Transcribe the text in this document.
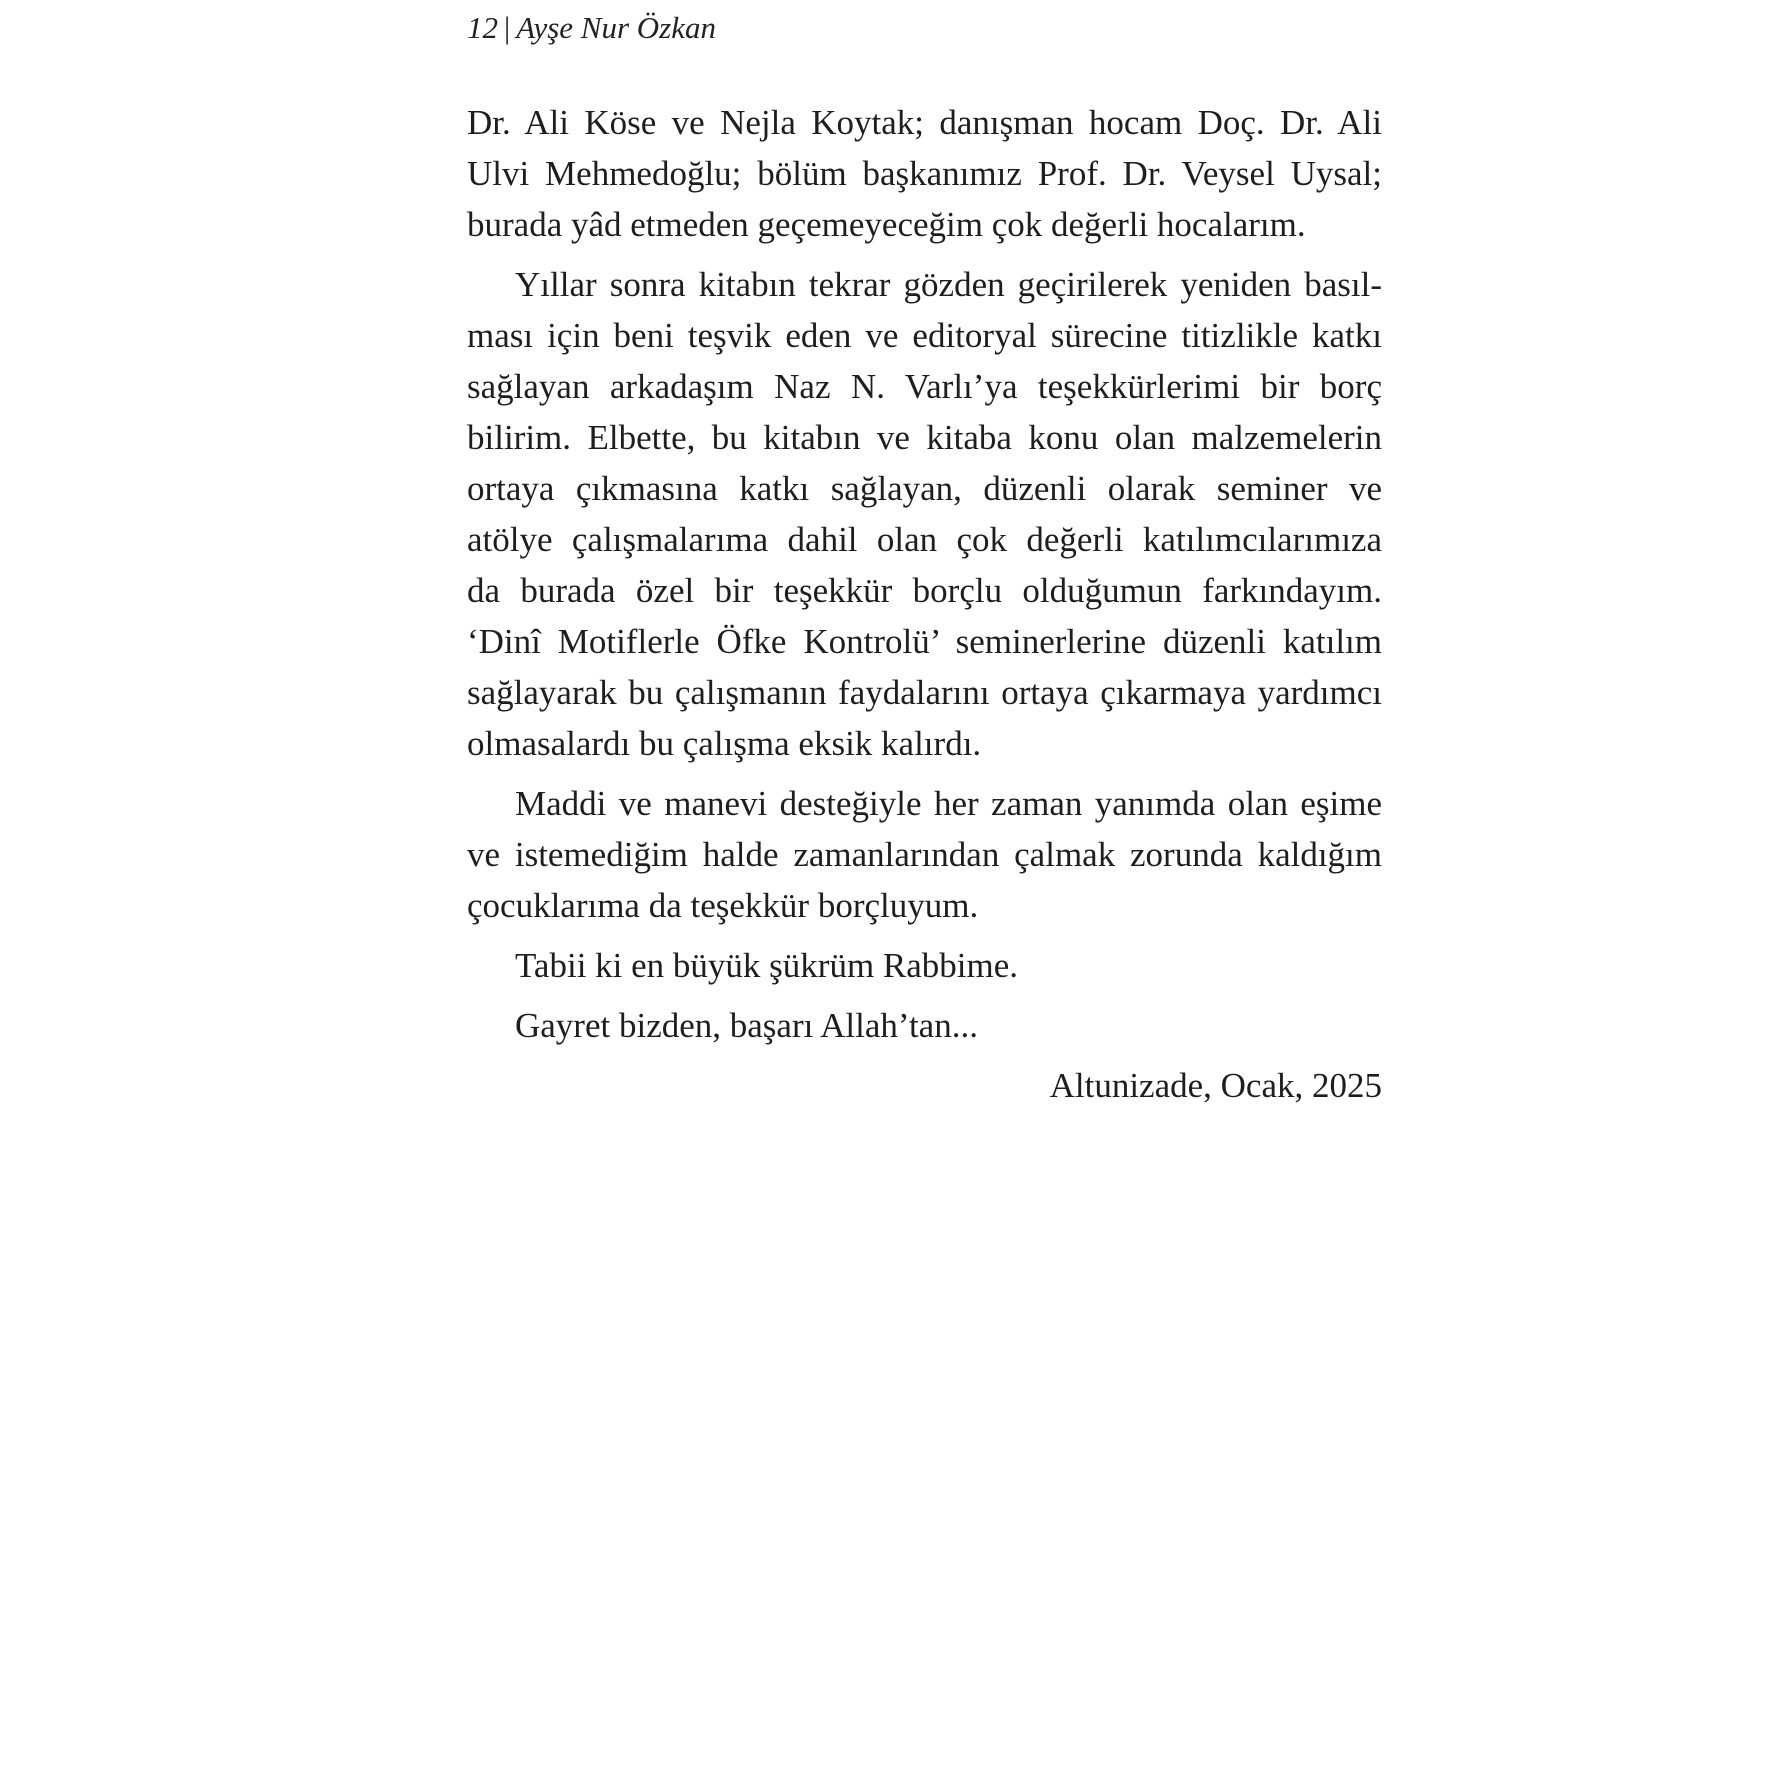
12 | Ayşe Nur Özkan

Dr. Ali Köse ve Nejla Koytak; danışman hocam Doç. Dr. Ali
Ulvi Mehmedoğlu; bölüm başkanımız Prof. Dr. Veysel Uysal;
burada yâd etmeden geçemeyeceğim çok değerli hocalarım.

Yıllar sonra kitabın tekrar gözden geçirilerek yeniden basıl-
ması için beni teşvik eden ve editoryal sürecine titizlikle katkı
sağlayan arkadaşım Naz N. Varlı’ya teşekkürlerimi bir borç
bilirim. Elbette, bu kitabın ve kitaba konu olan malzemelerin
ortaya çıkmasına katkı sağlayan, düzenli olarak seminer ve
atölye çalışmalarıma dahil olan çok değerli katılımcılarımıza
da burada özel bir teşekkür borçlu olduğumun farkındayım.
‘Dinî Motiflerle Öfke Kontrolü’ seminerlerine düzenli katılım
sağlayarak bu çalışmanın faydalarını ortaya çıkarmaya yardımcı
olmasalardı bu çalışma eksik kalırdı.

Maddi ve manevi desteğiyle her zaman yanımda olan eşime
ve istemediğim halde zamanlarından çalmak zorunda kaldığım
çocuklarıma da teşekkür borçluyum.

Tabii ki en büyük şükrüm Rabbime.

Gayret bizden, başarı Allah’tan...

Altunizade, Ocak, 2025
